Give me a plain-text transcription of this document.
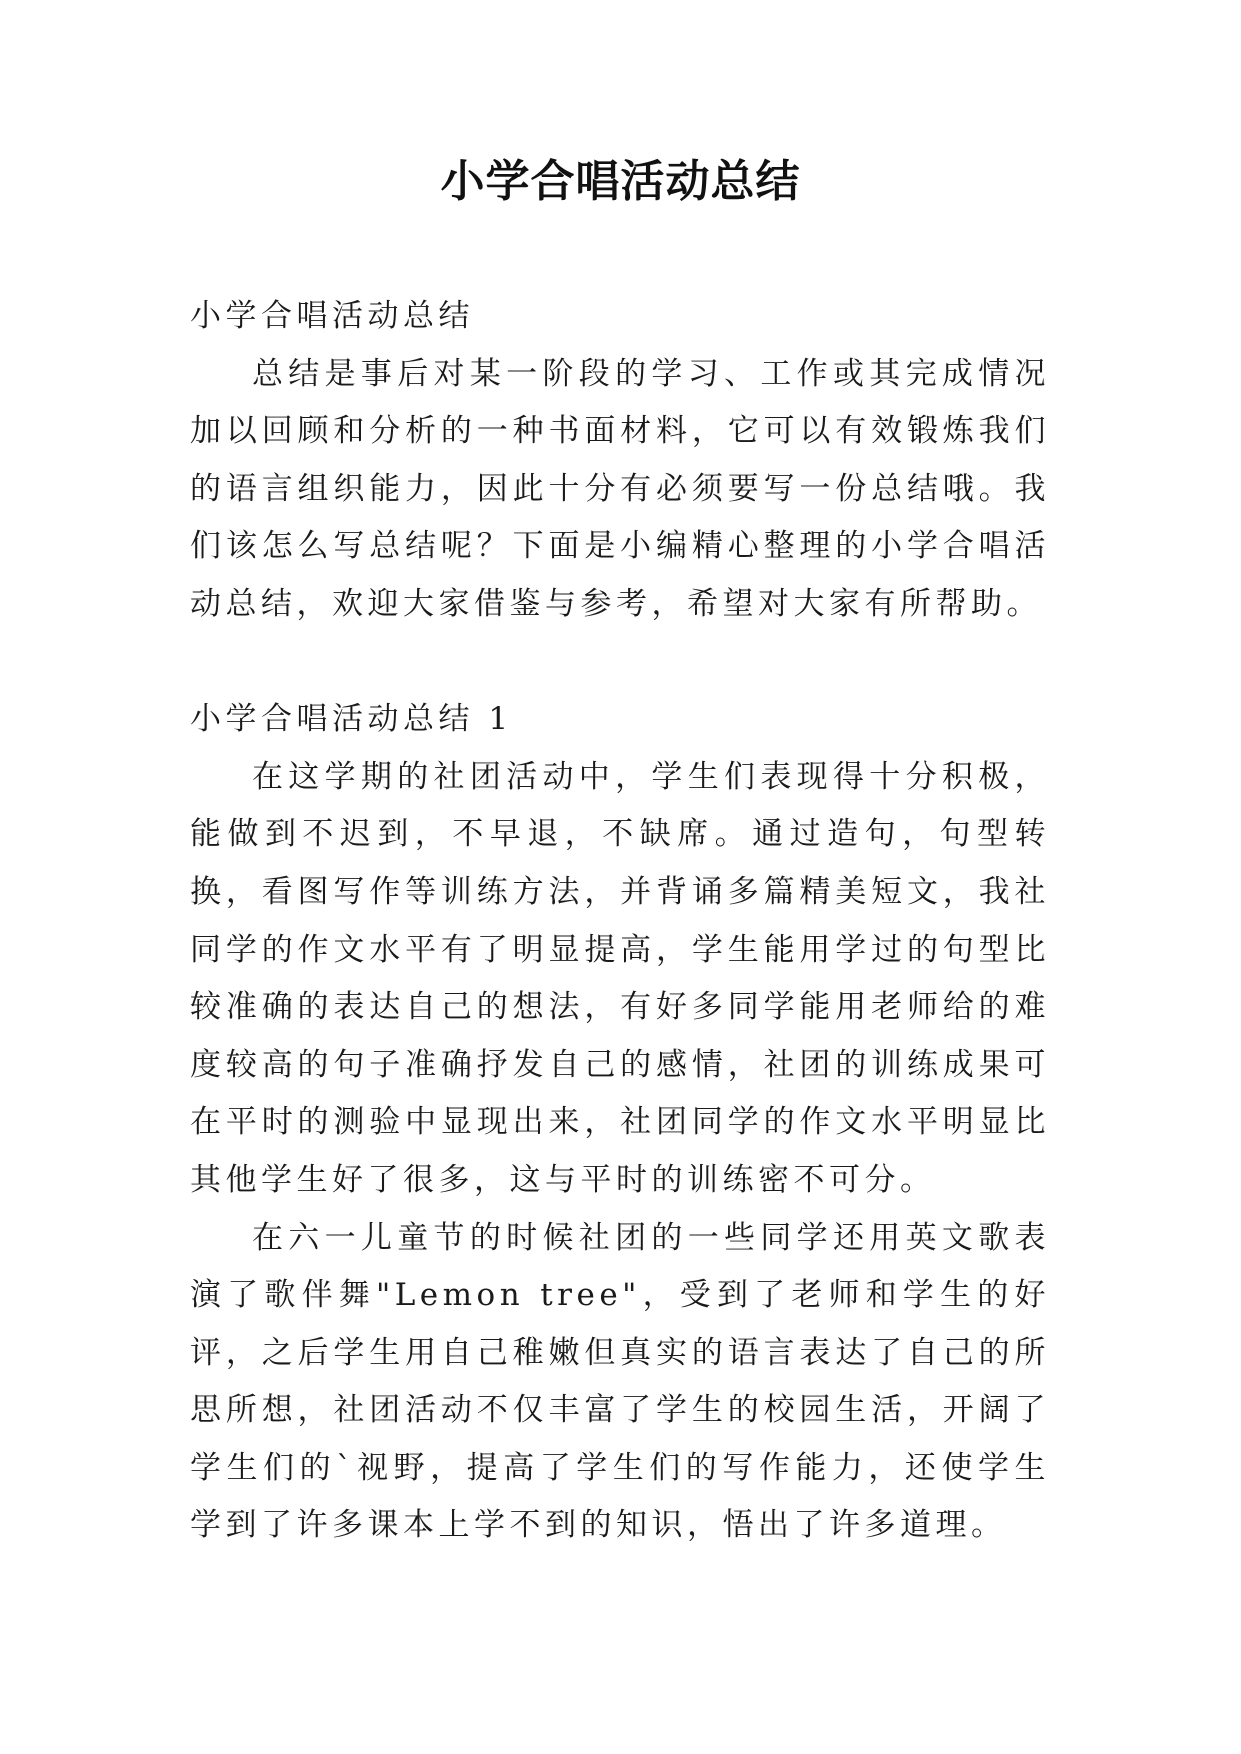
小学合唱活动总结
小学合唱活动总结

总结是事后对某一阶段的学习、工作或其完成情况加以回顾和分析的一种书面材料，它可以有效锻炼我们的语言组织能力，因此十分有必须要写一份总结哦。我们该怎么写总结呢？下面是小编精心整理的小学合唱活动总结，欢迎大家借鉴与参考，希望对大家有所帮助。

小学合唱活动总结 1

在这学期的社团活动中，学生们表现得十分积极，能做到不迟到，不早退，不缺席。通过造句，句型转换，看图写作等训练方法，并背诵多篇精美短文，我社同学的作文水平有了明显提高，学生能用学过的句型比较准确的表达自己的想法，有好多同学能用老师给的难度较高的句子准确抒发自己的感情，社团的训练成果可在平时的测验中显现出来，社团同学的作文水平明显比其他学生好了很多，这与平时的训练密不可分。

在六一儿童节的时候社团的一些同学还用英文歌表演了歌伴舞"Lemon tree"，受到了老师和学生的好评，之后学生用自己稚嫩但真实的语言表达了自己的所思所想，社团活动不仅丰富了学生的校园生活，开阔了学生们的`视野，提高了学生们的写作能力，还使学生学到了许多课本上学不到的知识，悟出了许多道理。
